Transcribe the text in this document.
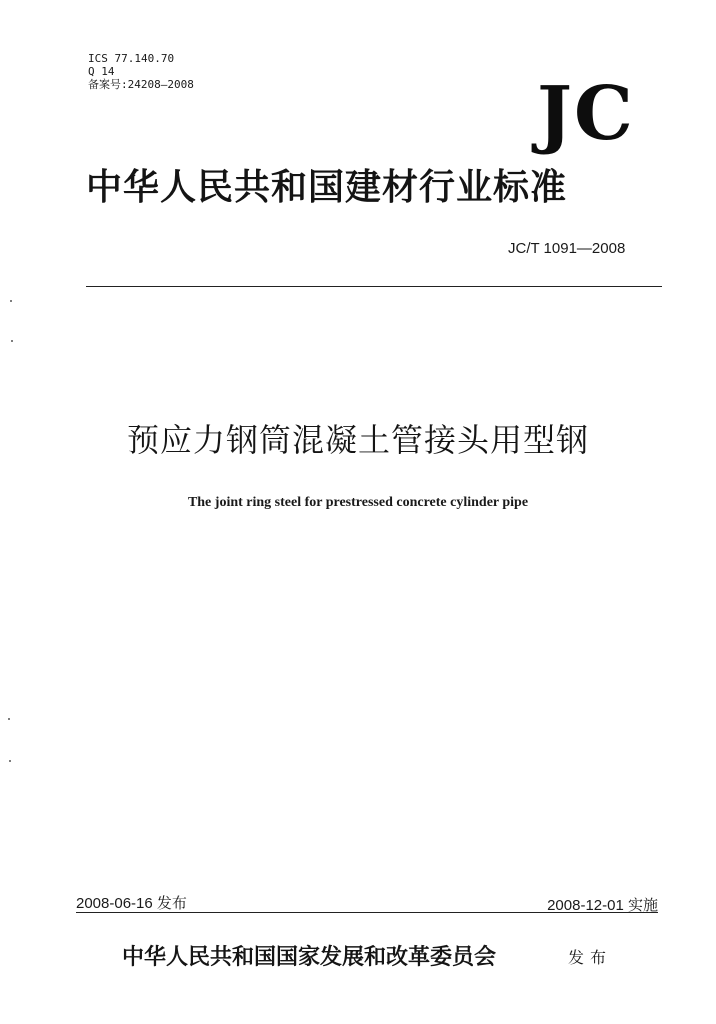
ICS 77.140.70
Q 14
备案号:24208—2008	JC
中华人民共和国建材行业标准
JC/T 1091—2008
预应力钢筒混凝土管接头用型钢
The joint ring steel for prestressed concrete cylinder pipe
2008-06-16 发布	2008-12-01 实施
中华人民共和国国家发展和改革委员会	发布
